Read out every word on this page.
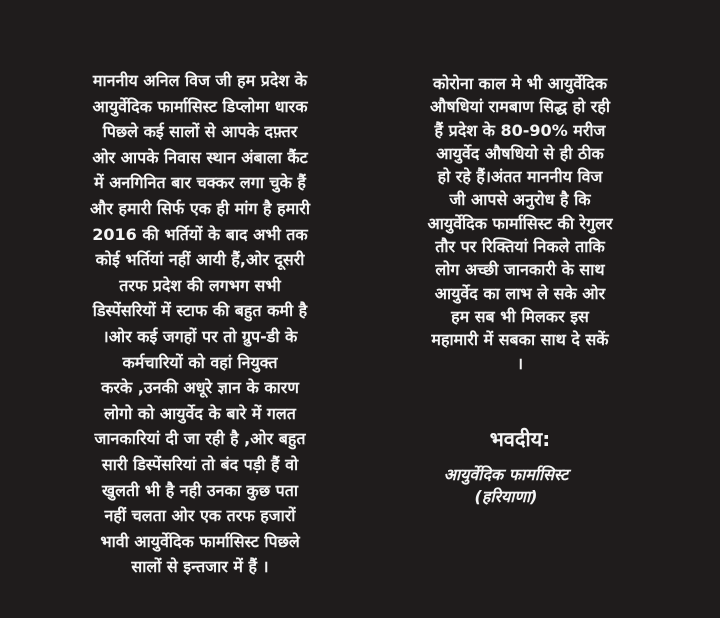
माननीय अनिल विज जी हम प्रदेश के
आयुर्वेदिक फार्मासिस्ट डिप्लोमा धारक
पिछले कई सालों से आपके दफ़्तर
ओर आपके निवास स्थान अंबाला कैंट
में अनगिनित बार चक्कर लगा चुके हैं
और हमारी सिर्फ एक ही मांग है हमारी
2016 की भर्तियों के बाद अभी तक
कोई भर्तियां नहीं आयी हैं,ओर दूसरी
तरफ प्रदेश की लगभग सभी
डिस्पेंसरियों में स्टाफ की बहुत कमी है
।ओर कई जगहों पर तो ग्रुप-डी के
कर्मचारियों को वहां नियुक्त
करके ,उनकी अधूरे ज्ञान के कारण
लोगो को आयुर्वेद के बारे में गलत
जानकारियां दी जा रही है ,ओर बहुत
सारी डिस्पेंसरियां तो बंद पड़ी हैं वो
खुलती भी है नही उनका कुछ पता
नहीं चलता ओर एक तरफ हजारों
भावी आयुर्वेदिक फार्मासिस्ट पिछले
सालों से इन्तजार में हैं ।
कोरोना काल मे भी आयुर्वेदिक
औषधियां रामबाण सिद्ध हो रही
हैं प्रदेश के 80-90% मरीज
आयुर्वेद औषधियो से ही ठीक
हो रहे हैं।अंतत माननीय विज
जी आपसे अनुरोध है कि
आयुर्वेदिक फार्मासिस्ट की रेगुलर
तौर पर रिक्तियां निकले ताकि
लोग अच्छी जानकारी के साथ
आयुर्वेद का लाभ ले सके ओर
हम सब भी मिलकर इस
महामारी में सबका साथ दे सकें
।
भवदीय:
आयुर्वेदिक फार्मासिस्ट
(हरियाणा)
